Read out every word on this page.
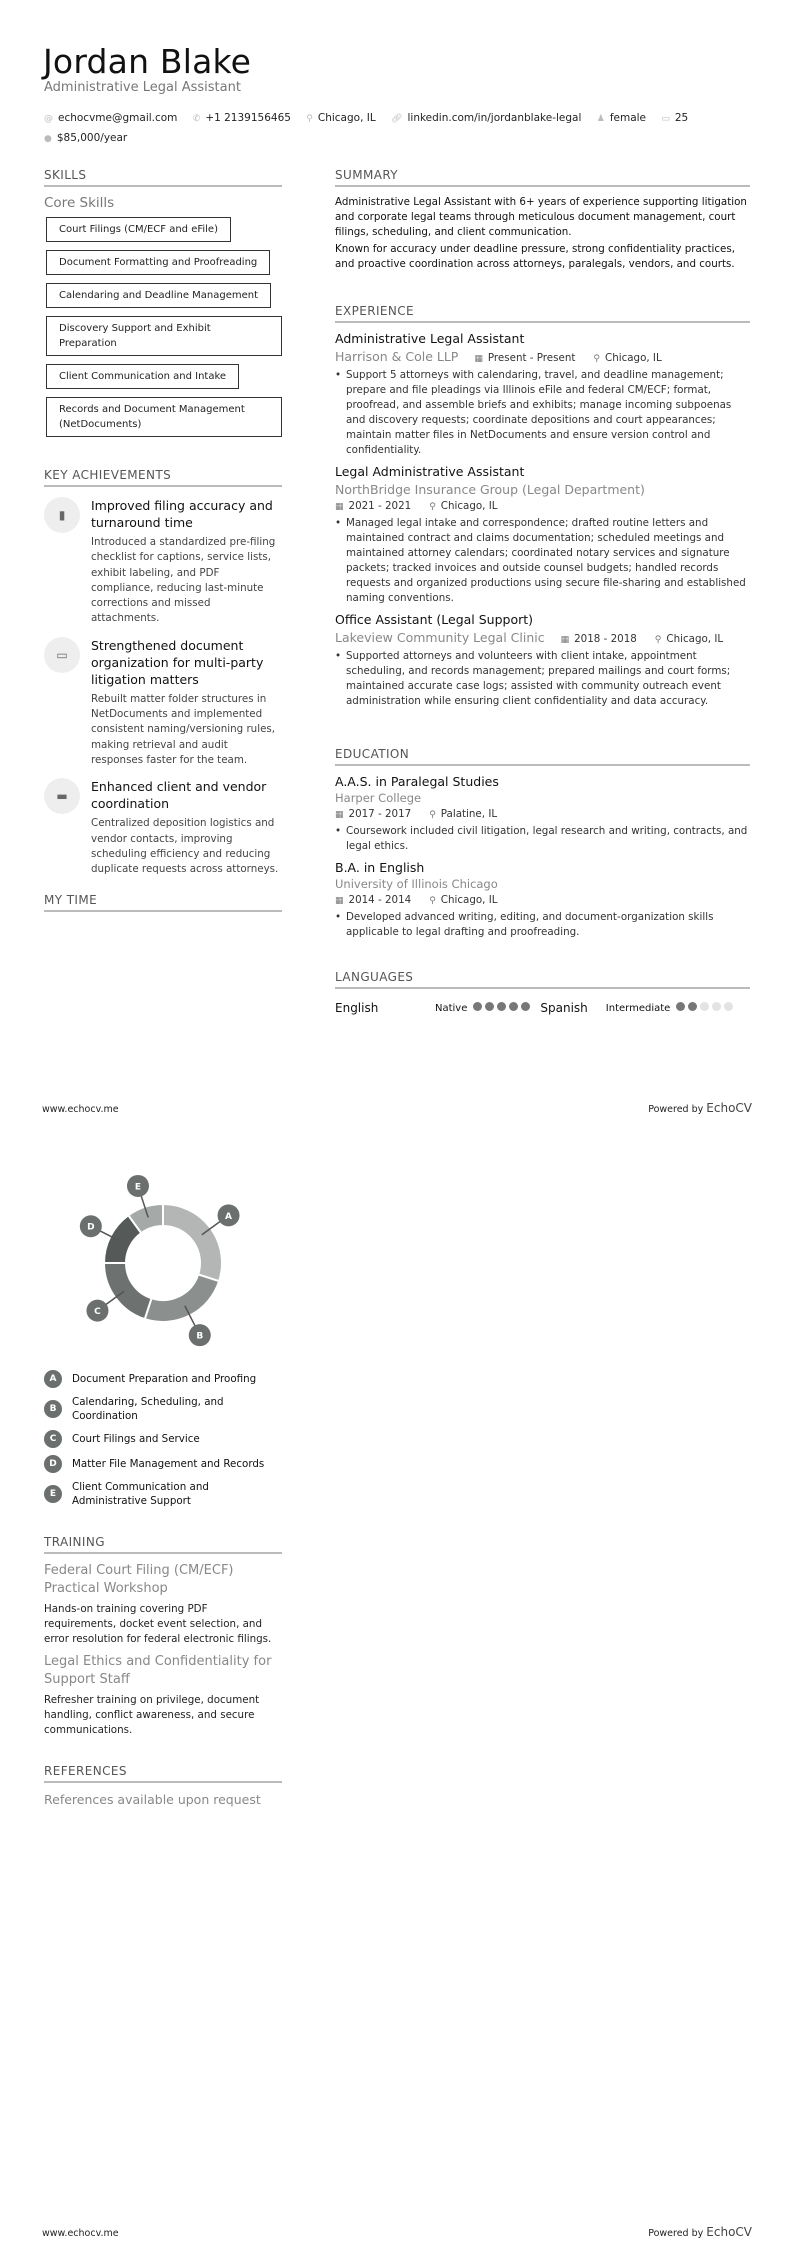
Jordan Blake
Administrative Legal Assistant
@ echocvme@gmail.com ✆ +1 2139156465 ⚲ Chicago, IL 🔗︎ linkedin.com/in/jordanblake-legal ♟ female ▭ 25
● $85,000/year
SKILLS
Core Skills
Court Filings (CM/ECF and eFile)
Document Formatting and Proofreading
Calendaring and Deadline Management
Discovery Support and Exhibit Preparation
Client Communication and Intake
Records and Document Management (NetDocuments)
KEY ACHIEVEMENTS
▮
Improved filing accuracy and turnaround time
Introduced a standardized pre-filing checklist for captions, service lists, exhibit labeling, and PDF compliance, reducing last-minute corrections and missed attachments.
▭
Strengthened document organization for multi-party litigation matters
Rebuilt matter folder structures in NetDocuments and implemented consistent naming/versioning rules, making retrieval and audit responses faster for the team.
▬
Enhanced client and vendor coordination
Centralized deposition logistics and vendor contacts, improving scheduling efficiency and reducing duplicate requests across attorneys.
MY TIME
A
B
C
D
E
A	Document Preparation and Proofing
B
Calendaring, Scheduling, and Coordination
C	Court Filings and Service
D	Matter File Management and Records
E
Client Communication and Administrative Support
TRAINING
Federal Court Filing (CM/ECF) Practical Workshop
Hands-on training covering PDF requirements, docket event selection, and error resolution for federal electronic filings.
Legal Ethics and Confidentiality for Support Staff
Refresher training on privilege, document handling, conflict awareness, and secure communications.
REFERENCES
References available upon request
SUMMARY

Administrative Legal Assistant with 6+ years of experience supporting litigation and corporate legal teams through meticulous document management, court filings, scheduling, and client communication.

Known for accuracy under deadline pressure, strong confidentiality practices, and proactive coordination across attorneys, paralegals, vendors, and courts.

EXPERIENCE
Administrative Legal Assistant
Harrison & Cole LLP ▦ Present - Present ⚲ Chicago, IL
• Support 5 attorneys with calendaring, travel, and deadline management; prepare and file pleadings via Illinois eFile and federal CM/ECF; format, proofread, and assemble briefs and exhibits; manage incoming subpoenas and discovery requests; coordinate depositions and court appearances; maintain matter files in NetDocuments and ensure version control and confidentiality.
Legal Administrative Assistant
NorthBridge Insurance Group (Legal Department)
▦ 2021 - 2021 ⚲ Chicago, IL
• Managed legal intake and correspondence; drafted routine letters and maintained contract and claims documentation; scheduled meetings and maintained attorney calendars; coordinated notary services and signature packets; tracked invoices and outside counsel budgets; handled records requests and organized productions using secure file-sharing and established naming conventions.
Office Assistant (Legal Support)
Lakeview Community Legal Clinic ▦ 2018 - 2018 ⚲ Chicago, IL
• Supported attorneys and volunteers with client intake, appointment scheduling, and records management; prepared mailings and court forms; maintained accurate case logs; assisted with community outreach event administration while ensuring client confidentiality and data accuracy.
EDUCATION
A.A.S. in Paralegal Studies
Harper College
▦ 2017 - 2017 ⚲ Palatine, IL
• Coursework included civil litigation, legal research and writing, contracts, and legal ethics.
B.A. in English
University of Illinois Chicago
▦ 2014 - 2014 ⚲ Chicago, IL
• Developed advanced writing, editing, and document-organization skills applicable to legal drafting and proofreading.
LANGUAGES
English	Native	Spanish Intermediate
www.echocv.me	Powered by EchoCV
www.echocv.me	Powered by EchoCV
